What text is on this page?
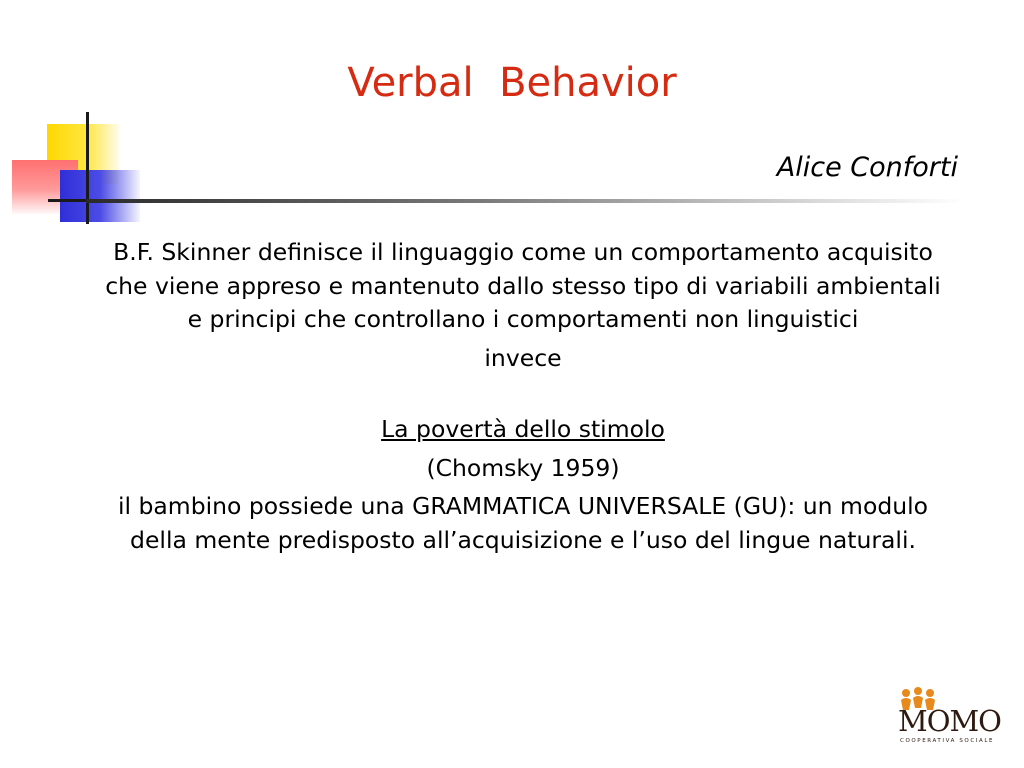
Verbal  Behavior
Alice Conforti

B.F. Skinner definisce il linguaggio come un comportamento acquisito che viene appreso e mantenuto dallo stesso tipo di variabili ambientali e principi che controllano i comportamenti non linguistici

invece

La povertà dello stimolo

(Chomsky 1959)

il bambino possiede una GRAMMATICA UNIVERSALE (GU): un modulo della mente predisposto all’acquisizione e l’uso del lingue naturali.

MOMO
COOPERATIVA SOCIALE
